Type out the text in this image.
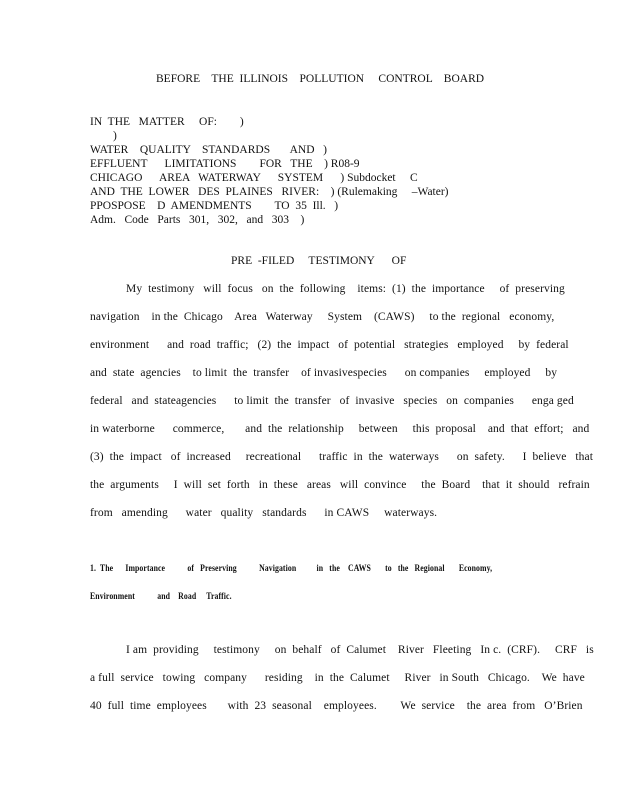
BEFORE    THE  ILLINOIS    POLLUTION     CONTROL    BOARD
IN  THE   MATTER     OF:        )
)
WATER    QUALITY    STANDARDS       AND   )
EFFLUENT      LIMITATIONS        FOR   THE    ) R08-9
CHICAGO      AREA   WATERWAY      SYSTEM      ) Subdocket     C
AND  THE  LOWER   DES  PLAINES   RIVER:    ) (Rulemaking     –Water)
PPOSPOSE    D  AMENDMENTS        TO  35  Ill.   )
Adm.   Code   Parts   301,   302,   and   303    )
PRE  -FILED     TESTIMONY      OF
My  testimony   will  focus   on  the  following    items:  (1)  the  importance     of  preserving
navigation    in the  Chicago    Area   Waterway     System    (CAWS)     to the  regional   economy,
environment      and  road  traffic;   (2)  the  impact   of  potential   strategies   employed     by  federal
and  state  agencies    to limit  the  transfer    of invasivespecies      on companies     employed     by
federal   and  stateagencies      to limit  the  transfer   of  invasive   species   on  companies      enga ged
in waterborne      commerce,       and  the  relationship     between     this  proposal    and  that  effort;   and
(3)  the  impact   of  increased     recreational      traffic  in  the  waterways      on  safety.      I  believe   that
the  arguments     I  will  set  forth   in  these   areas   will  convince     the  Board    that  it  should   refrain
from   amending      water   quality   standards      in CAWS     waterways.
1.  The      Importance           of   Preserving           Navigation          in   the    CAWS       to   the   Regional       Economy,
Environment           and    Road     Traffic.
I am  providing     testimony     on  behalf   of  Calumet    River   Fleeting   In c.  (CRF).     CRF   is
a full  service   towing   company      residing    in  the  Calumet     River   in South   Chicago.    We  have
40  full  time  employees       with  23  seasonal    employees.        We  service    the  area  from   O’Brien
